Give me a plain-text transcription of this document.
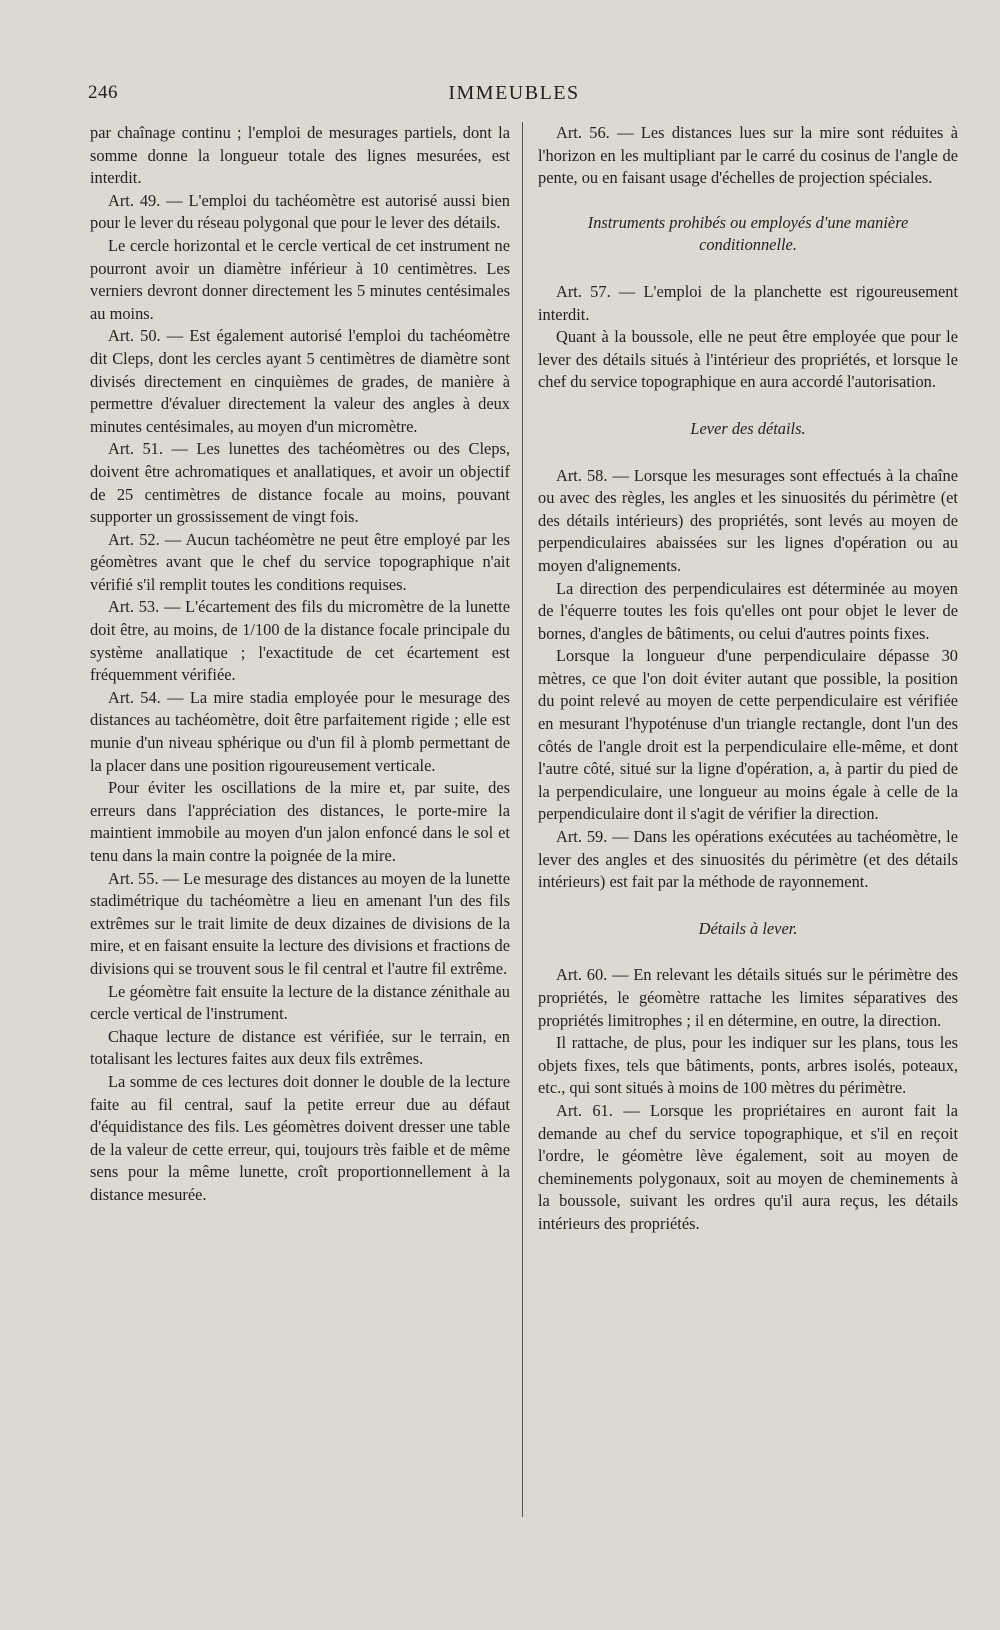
246	IMMEUBLES

par chaînage continu ; l'emploi de mesurages partiels, dont la somme donne la longueur totale des lignes mesurées, est interdit.

Art. 49. — L'emploi du tachéomètre est autorisé aussi bien pour le lever du réseau polygonal que pour le lever des détails.

Le cercle horizontal et le cercle vertical de cet instrument ne pourront avoir un diamètre inférieur à 10 centimètres. Les verniers devront donner directement les 5 minutes centésimales au moins.

Art. 50. — Est également autorisé l'emploi du tachéomètre dit Cleps, dont les cercles ayant 5 centimètres de diamètre sont divisés directement en cinquièmes de grades, de manière à permettre d'évaluer directement la valeur des angles à deux minutes centésimales, au moyen d'un micromètre.

Art. 51. — Les lunettes des tachéomètres ou des Cleps, doivent être achromatiques et anallatiques, et avoir un objectif de 25 centimètres de distance focale au moins, pouvant supporter un grossissement de vingt fois.

Art. 52. — Aucun tachéomètre ne peut être employé par les géomètres avant que le chef du service topographique n'ait vérifié s'il remplit toutes les conditions requises.

Art. 53. — L'écartement des fils du micromètre de la lunette doit être, au moins, de 1/100 de la distance focale principale du système anallatique ; l'exactitude de cet écartement est fréquemment vérifiée.

Art. 54. — La mire stadia employée pour le mesurage des distances au tachéomètre, doit être parfaitement rigide ; elle est munie d'un niveau sphérique ou d'un fil à plomb permettant de la placer dans une position rigoureusement verticale.

Pour éviter les oscillations de la mire et, par suite, des erreurs dans l'appréciation des distances, le porte-mire la maintient immobile au moyen d'un jalon enfoncé dans le sol et tenu dans la main contre la poignée de la mire.

Art. 55. — Le mesurage des distances au moyen de la lunette stadimétrique du tachéomètre a lieu en amenant l'un des fils extrêmes sur le trait limite de deux dizaines de divisions de la mire, et en faisant ensuite la lecture des divisions et fractions de divisions qui se trouvent sous le fil central et l'autre fil extrême.

Le géomètre fait ensuite la lecture de la distance zénithale au cercle vertical de l'instrument.

Chaque lecture de distance est vérifiée, sur le terrain, en totalisant les lectures faites aux deux fils extrêmes.

La somme de ces lectures doit donner le double de la lecture faite au fil central, sauf la petite erreur due au défaut d'équidistance des fils. Les géomètres doivent dresser une table de la valeur de cette erreur, qui, toujours très faible et de même sens pour la même lunette, croît proportionnellement à la distance mesurée.

Art. 56. — Les distances lues sur la mire sont réduites à l'horizon en les multipliant par le carré du cosinus de l'angle de pente, ou en faisant usage d'échelles de projection spéciales.

Instruments prohibés ou employés d'une manière conditionnelle.

Art. 57. — L'emploi de la planchette est rigoureusement interdit.

Quant à la boussole, elle ne peut être employée que pour le lever des détails situés à l'intérieur des propriétés, et lorsque le chef du service topographique en aura accordé l'autorisation.

Lever des détails.

Art. 58. — Lorsque les mesurages sont effectués à la chaîne ou avec des règles, les angles et les sinuosités du périmètre (et des détails intérieurs) des propriétés, sont levés au moyen de perpendiculaires abaissées sur les lignes d'opération ou au moyen d'alignements.

La direction des perpendiculaires est déterminée au moyen de l'équerre toutes les fois qu'elles ont pour objet le lever de bornes, d'angles de bâtiments, ou celui d'autres points fixes.

Lorsque la longueur d'une perpendiculaire dépasse 30 mètres, ce que l'on doit éviter autant que possible, la position du point relevé au moyen de cette perpendiculaire est vérifiée en mesurant l'hypoténuse d'un triangle rectangle, dont l'un des côtés de l'angle droit est la perpendiculaire elle-même, et dont l'autre côté, situé sur la ligne d'opération, a, à partir du pied de la perpendiculaire, une longueur au moins égale à celle de la perpendiculaire dont il s'agit de vérifier la direction.

Art. 59. — Dans les opérations exécutées au tachéomètre, le lever des angles et des sinuosités du périmètre (et des détails intérieurs) est fait par la méthode de rayonnement.

Détails à lever.

Art. 60. — En relevant les détails situés sur le périmètre des propriétés, le géomètre rattache les limites séparatives des propriétés limitrophes ; il en détermine, en outre, la direction.

Il rattache, de plus, pour les indiquer sur les plans, tous les objets fixes, tels que bâtiments, ponts, arbres isolés, poteaux, etc., qui sont situés à moins de 100 mètres du périmètre.

Art. 61. — Lorsque les propriétaires en auront fait la demande au chef du service topographique, et s'il en reçoit l'ordre, le géomètre lève également, soit au moyen de cheminements polygonaux, soit au moyen de cheminements à la boussole, suivant les ordres qu'il aura reçus, les détails intérieurs des propriétés.
